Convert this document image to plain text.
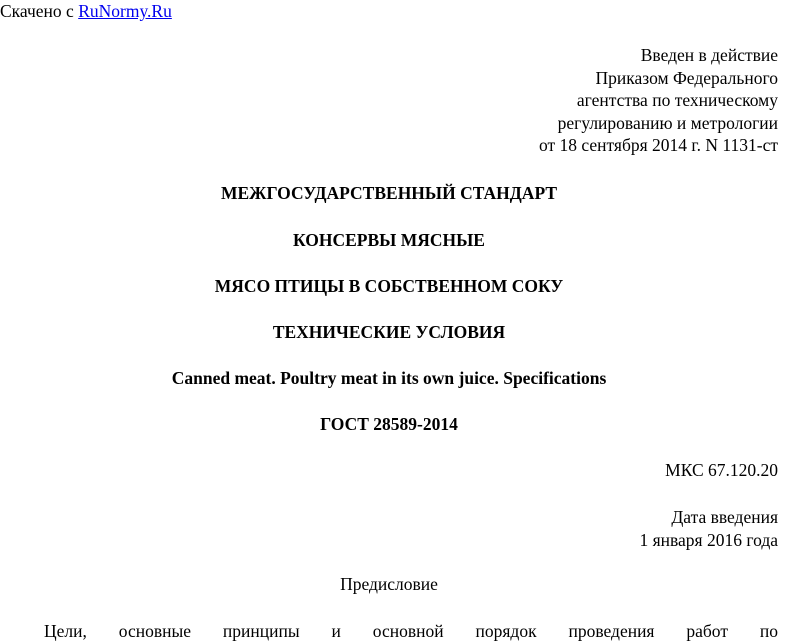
Скачено с RuNormy.Ru
Введен в действие
Приказом Федерального
агентства по техническому
регулированию и метрологии
от 18 сентября 2014 г. N 1131-ст
МЕЖГОСУДАРСТВЕННЫЙ СТАНДАРТ
КОНСЕРВЫ МЯСНЫЕ
МЯСО ПТИЦЫ В СОБСТВЕННОМ СОКУ
ТЕХНИЧЕСКИЕ УСЛОВИЯ
Canned meat. Poultry meat in its own juice. Specifications
ГОСТ 28589-2014
МКС 67.120.20
Дата введения
1 января 2016 года
Предисловие
Цели, основные принципы и основной порядок проведения работ по
